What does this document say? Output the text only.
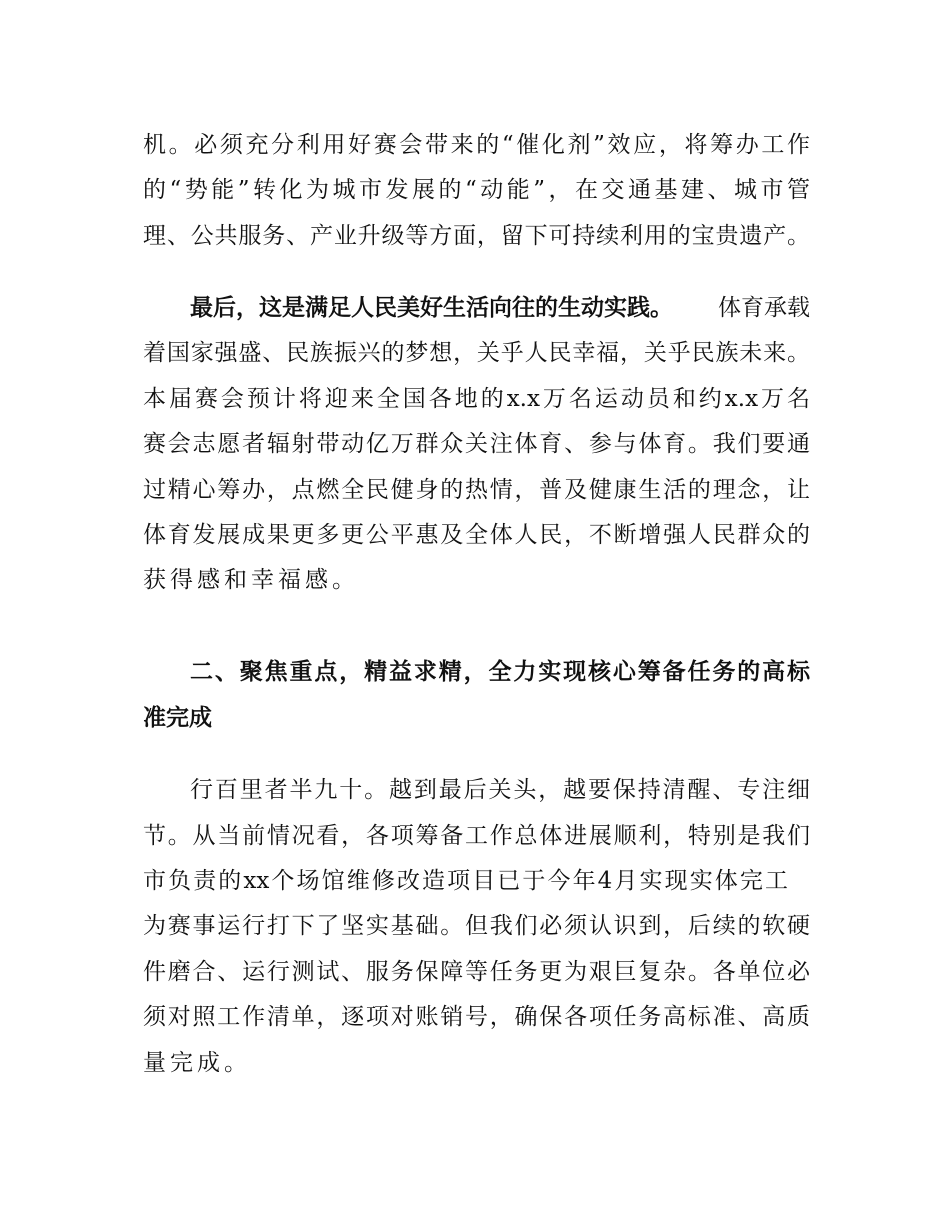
机。必须充分利用好赛会带来的“催化剂”效应，将筹办工作
的“势能”转化为城市发展的“动能”，在交通基建、城市管
理、公共服务、产业升级等方面，留下可持续利用的宝贵遗产。
最后，这是满足人民美好生活向往的生动实践。 体育承载
着国家强盛、民族振兴的梦想，关乎人民幸福，关乎民族未来。
本届赛会预计将迎来全国各地的x.x万名运动员和约x.x万名
赛会志愿者辐射带动亿万群众关注体育、参与体育。我们要通
过精心筹办，点燃全民健身的热情，普及健康生活的理念，让
体育发展成果更多更公平惠及全体人民，不断增强人民群众的
获得感和幸福感。
二、聚焦重点，精益求精，全力实现核心筹备任务的高标
准完成
行百里者半九十。越到最后关头，越要保持清醒、专注细
节。从当前情况看，各项筹备工作总体进展顺利，特别是我们
市负责的xx个场馆维修改造项目已于今年4月实现实体完工
为赛事运行打下了坚实基础。但我们必须认识到，后续的软硬
件磨合、运行测试、服务保障等任务更为艰巨复杂。各单位必
须对照工作清单，逐项对账销号，确保各项任务高标准、高质
量完成。
